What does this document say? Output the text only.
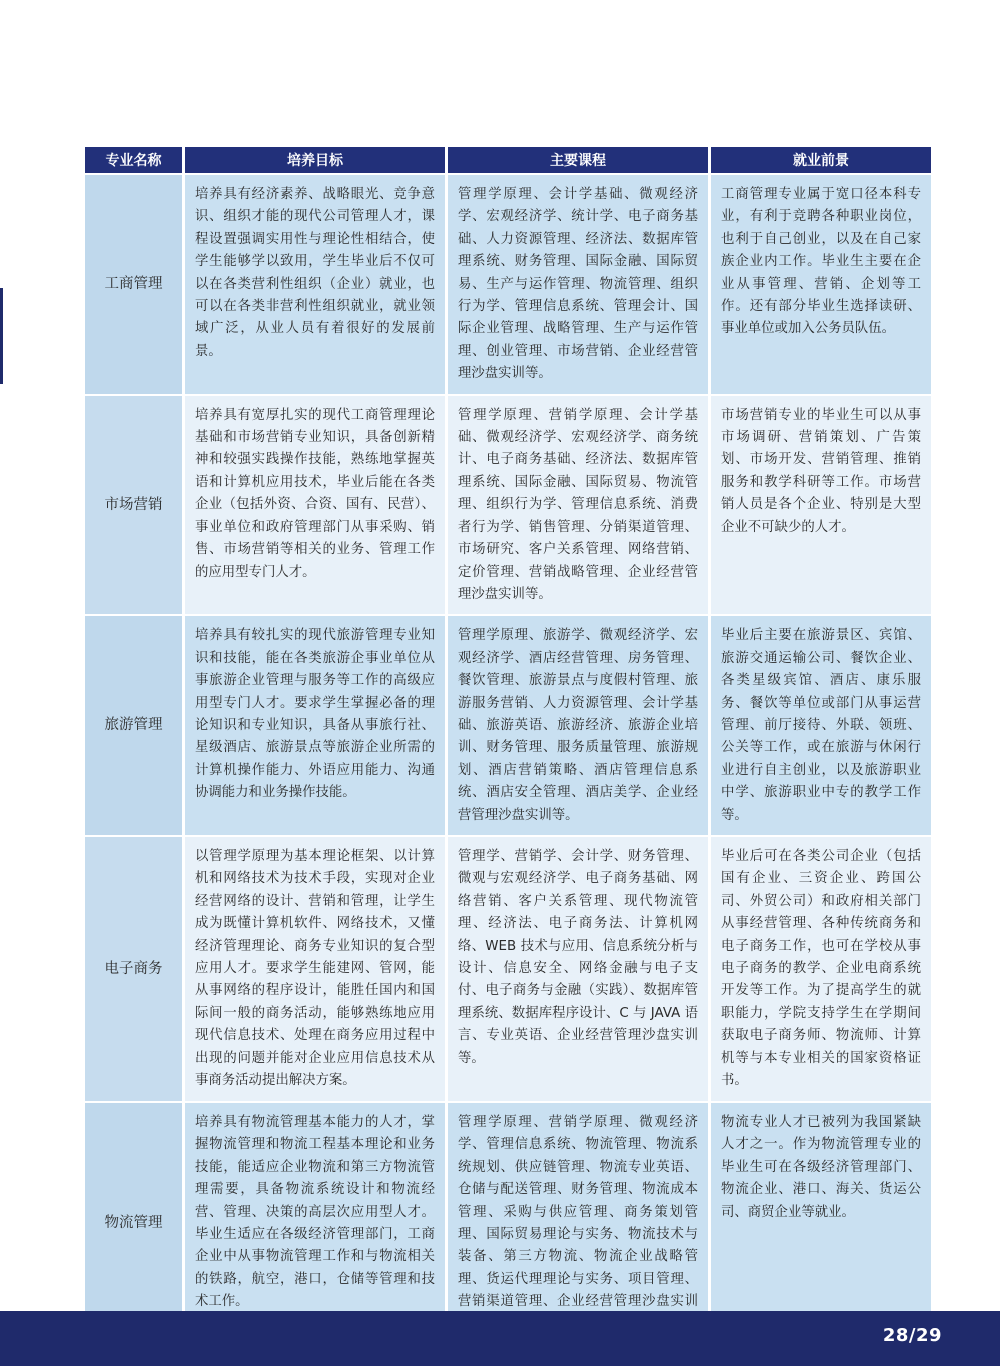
专业名称	培养目标	主要课程	就业前景
工商管理	培养具有经济素养、战略眼光、竞争意识、组织才能的现代公司管理人才，课程设置强调实用性与理论性相结合，使学生能够学以致用，学生毕业后不仅可以在各类营利性组织（企业）就业，也可以在各类非营利性组织就业，就业领域广泛，从业人员有着很好的发展前景。	管理学原理、会计学基础、微观经济学、宏观经济学、统计学、电子商务基础、人力资源管理、经济法、数据库管理系统、财务管理、国际金融、国际贸易、生产与运作管理、物流管理、组织行为学、管理信息系统、管理会计、国际企业管理、战略管理、生产与运作管理、创业管理、市场营销、企业经营管理沙盘实训等。	工商管理专业属于宽口径本科专业，有利于竞聘各种职业岗位，也利于自己创业，以及在自己家族企业内工作。毕业生主要在企业从事管理、营销、企划等工作。还有部分毕业生选择读研、事业单位或加入公务员队伍。
市场营销	培养具有宽厚扎实的现代工商管理理论基础和市场营销专业知识，具备创新精神和较强实践操作技能，熟练地掌握英语和计算机应用技术，毕业后能在各类企业（包括外资、合资、国有、民营）、事业单位和政府管理部门从事采购、销售、市场营销等相关的业务、管理工作的应用型专门人才。	管理学原理、营销学原理、会计学基础、微观经济学、宏观经济学、商务统计、电子商务基础、经济法、数据库管理系统、国际金融、国际贸易、物流管理、组织行为学、管理信息系统、消费者行为学、销售管理、分销渠道管理、市场研究、客户关系管理、网络营销、定价管理、营销战略管理、企业经营管理沙盘实训等。	市场营销专业的毕业生可以从事市场调研、营销策划、广告策划、市场开发、营销管理、推销服务和教学科研等工作。市场营销人员是各个企业、特别是大型企业不可缺少的人才。
旅游管理	培养具有较扎实的现代旅游管理专业知识和技能，能在各类旅游企事业单位从事旅游企业管理与服务等工作的高级应用型专门人才。要求学生掌握必备的理论知识和专业知识，具备从事旅行社、星级酒店、旅游景点等旅游企业所需的计算机操作能力、外语应用能力、沟通协调能力和业务操作技能。	管理学原理、旅游学、微观经济学、宏观经济学、酒店经营管理、房务管理、餐饮管理、旅游景点与度假村管理、旅游服务营销、人力资源管理、会计学基础、旅游英语、旅游经济、旅游企业培训、财务管理、服务质量管理、旅游规划、酒店营销策略、酒店管理信息系统、酒店安全管理、酒店美学、企业经营管理沙盘实训等。	毕业后主要在旅游景区、宾馆、旅游交通运输公司、餐饮企业、各类星级宾馆、酒店、康乐服务、餐饮等单位或部门从事运营管理、前厅接待、外联、领班、公关等工作，或在旅游与休闲行业进行自主创业，以及旅游职业中学、旅游职业中专的教学工作等。
电子商务	以管理学原理为基本理论框架、以计算机和网络技术为技术手段，实现对企业经营网络的设计、营销和管理，让学生成为既懂计算机软件、网络技术，又懂经济管理理论、商务专业知识的复合型应用人才。要求学生能建网、管网，能从事网络的程序设计，能胜任国内和国际间一般的商务活动，能够熟练地应用现代信息技术、处理在商务应用过程中出现的问题并能对企业应用信息技术从事商务活动提出解决方案。	管理学、营销学、会计学、财务管理、微观与宏观经济学、电子商务基础、网络营销、客户关系管理、现代物流管理、经济法、电子商务法、计算机网络、WEB 技术与应用、信息系统分析与设计、信息安全、网络金融与电子支付、电子商务与金融（实践）、数据库管理系统、数据库程序设计、C 与 JAVA 语言、专业英语、企业经营管理沙盘实训等。	毕业后可在各类公司企业（包括国有企业、三资企业、跨国公司、外贸公司）和政府相关部门从事经营管理、各种传统商务和电子商务工作，也可在学校从事电子商务的教学、企业电商系统开发等工作。为了提高学生的就职能力，学院支持学生在学期间获取电子商务师、物流师、计算机等与本专业相关的国家资格证书。
物流管理	培养具有物流管理基本能力的人才，掌握物流管理和物流工程基本理论和业务技能，能适应企业物流和第三方物流管理需要，具备物流系统设计和物流经营、管理、决策的高层次应用型人才。毕业生适应在各级经济管理部门，工商企业中从事物流管理工作和与物流相关的铁路，航空，港口，仓储等管理和技术工作。	管理学原理、营销学原理、微观经济学、管理信息系统、物流管理、物流系统规划、供应链管理、物流专业英语、仓储与配送管理、财务管理、物流成本管理、采购与供应管理、商务策划管理、国际贸易理论与实务、物流技术与装备、第三方物流、物流企业战略管理、货运代理理论与实务、项目管理、营销渠道管理、企业经营管理沙盘实训	物流专业人才已被列为我国紧缺人才之一。作为物流管理专业的毕业生可在各级经济管理部门、物流企业、港口、海关、货运公司、商贸企业等就业。
28/29
